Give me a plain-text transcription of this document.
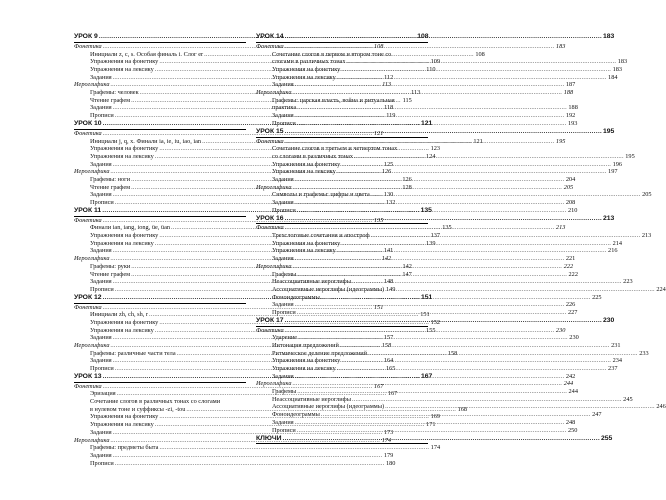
УРОК 9 .....	108
Фонетика .....	108
Инициали z, c, s. Особая финаль i. Слог er .....	108
Упражнения на фонетику .....	109
Упражнения на лексику .....	110
Задания .....	112
Иероглифика .....	113
Графемы: человек .....	113
Чтение графем .....	115
Задания .....	118
Прописи .....	119
УРОК 10 .....	121
Фонетика .....	121
Инициали j, q, x. Финали ia, ie, iu, iao, ian .....	121
Упражнения на фонетику .....	123
Упражнения на лексику .....	124
Задания .....	125
Иероглифика .....	126
Графемы: ноги .....	126
Чтение графем .....	128
Задания .....	130
Прописи .....	132
УРОК 11 .....	135
Фонетика .....	135
Финали ian, iang, iong, üe, üan .....	135
Упражнения на фонетику .....	137
Упражнения на лексику .....	139
Задания .....	141
Иероглифика .....	142
Графемы: руки .....	142
Чтение графем .....	147
Задания .....	148
Прописи .....	149
УРОК 12 .....	151
Фонетика .....	151
Инициали zh, ch, sh, r .....	151
Упражнения на фонетику .....	152
Упражнения на лексику .....	155
Задания .....	157
Иероглифика .....	158
Графемы: различные части тела .....	158
Задания .....	164
Прописи .....	165
УРОК 13 .....	167
Фонетика .....	167
Эризация .....	167
Сочетание слогов в различных тонах со слогами
в нулевом тоне и суффиксы -zi, -tou .....	168
Упражнения на фонетику .....	169
Упражнения на лексику .....	171
Задания .....	173
Иероглифика .....	174
Графемы: предметы быта .....	174
Задания .....	179
Прописи .....	180
УРОК 14 .....	183
Фонетика .....	183
Сочетание слогов в первом и втором тоне со
слогами в различных тонах .....	183
Упражнения на фонетику .....	183
Упражнения на лексику .....	184
Задания .....	187
Иероглифика .....	188
Графемы: царская власть, война и ритуальная
практика .....	188
Задания .....	192
Прописи .....	193
УРОК 15 .....	195
Фонетика .....	195
Сочетание слогов в третьем и четвертом тонах
со слогами в различных тонах .....	195
Упражнения на фонетику .....	196
Упражнения на лексику .....	197
Задания .....	204
Иероглифика .....	205
Символы и графемы: цифры и цвета .....	205
Задания .....	208
Прописи .....	210
УРОК 16 .....	213
Фонетика .....	213
Трехслоговые сочетания и апостроф .....	213
Упражнения на фонетику .....	214
Упражнения на лексику .....	216
Задания .....	221
Иероглифика .....	222
Графемы .....	222
Неассоциативные иероглифы .....	223
Ассоциативные иероглифы (идеограммы) .....	224
Фоноидеограммы .....	225
Задания .....	226
Прописи .....	227
УРОК 17 .....	230
Фонетика .....	230
Ударение .....	230
Интонация предложений .....	231
Ритмическое деление предложений .....	233
Упражнения на фонетику .....	234
Упражнения на лексику .....	237
Задания .....	242
Иероглифика .....	244
Графемы .....	244
Неассоциативные иероглифы .....	245
Ассоциативные иероглифы (идеограммы) .....	246
Фоноидеограммы .....	247
Задания .....	248
Прописи .....	250
КЛЮЧИ .....	255
